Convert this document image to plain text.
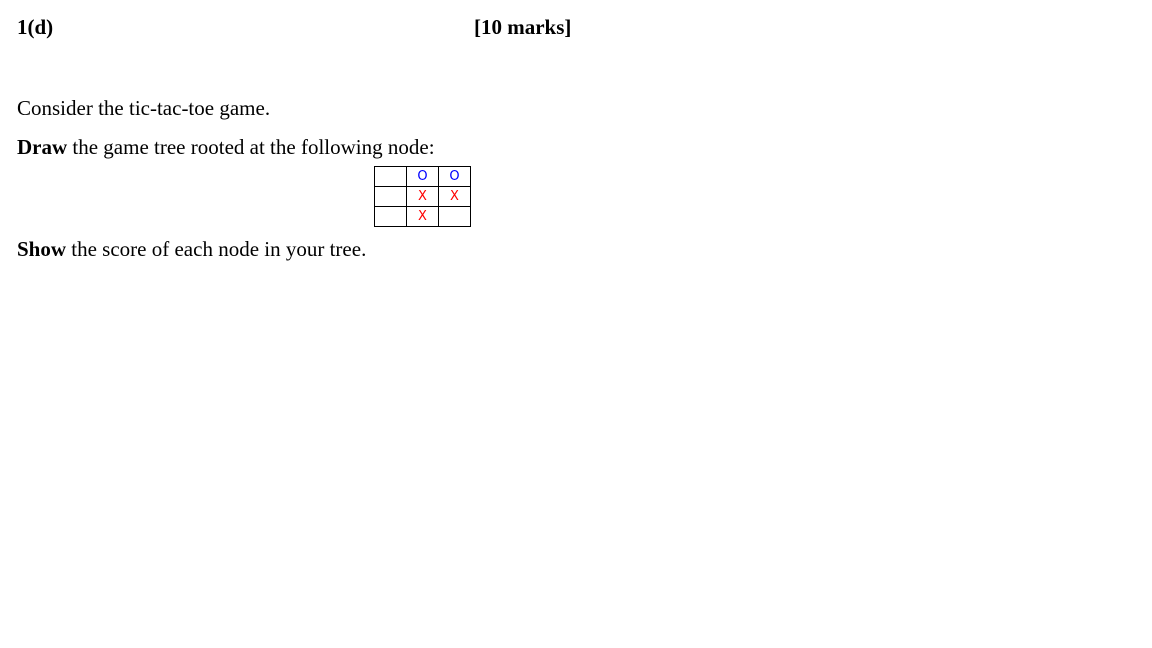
1(d)	[10 marks]
Consider the tic-tac-toe game.
Draw the game tree rooted at the following node:
	O	O
	X	X
	X	
Show the score of each node in your tree.
